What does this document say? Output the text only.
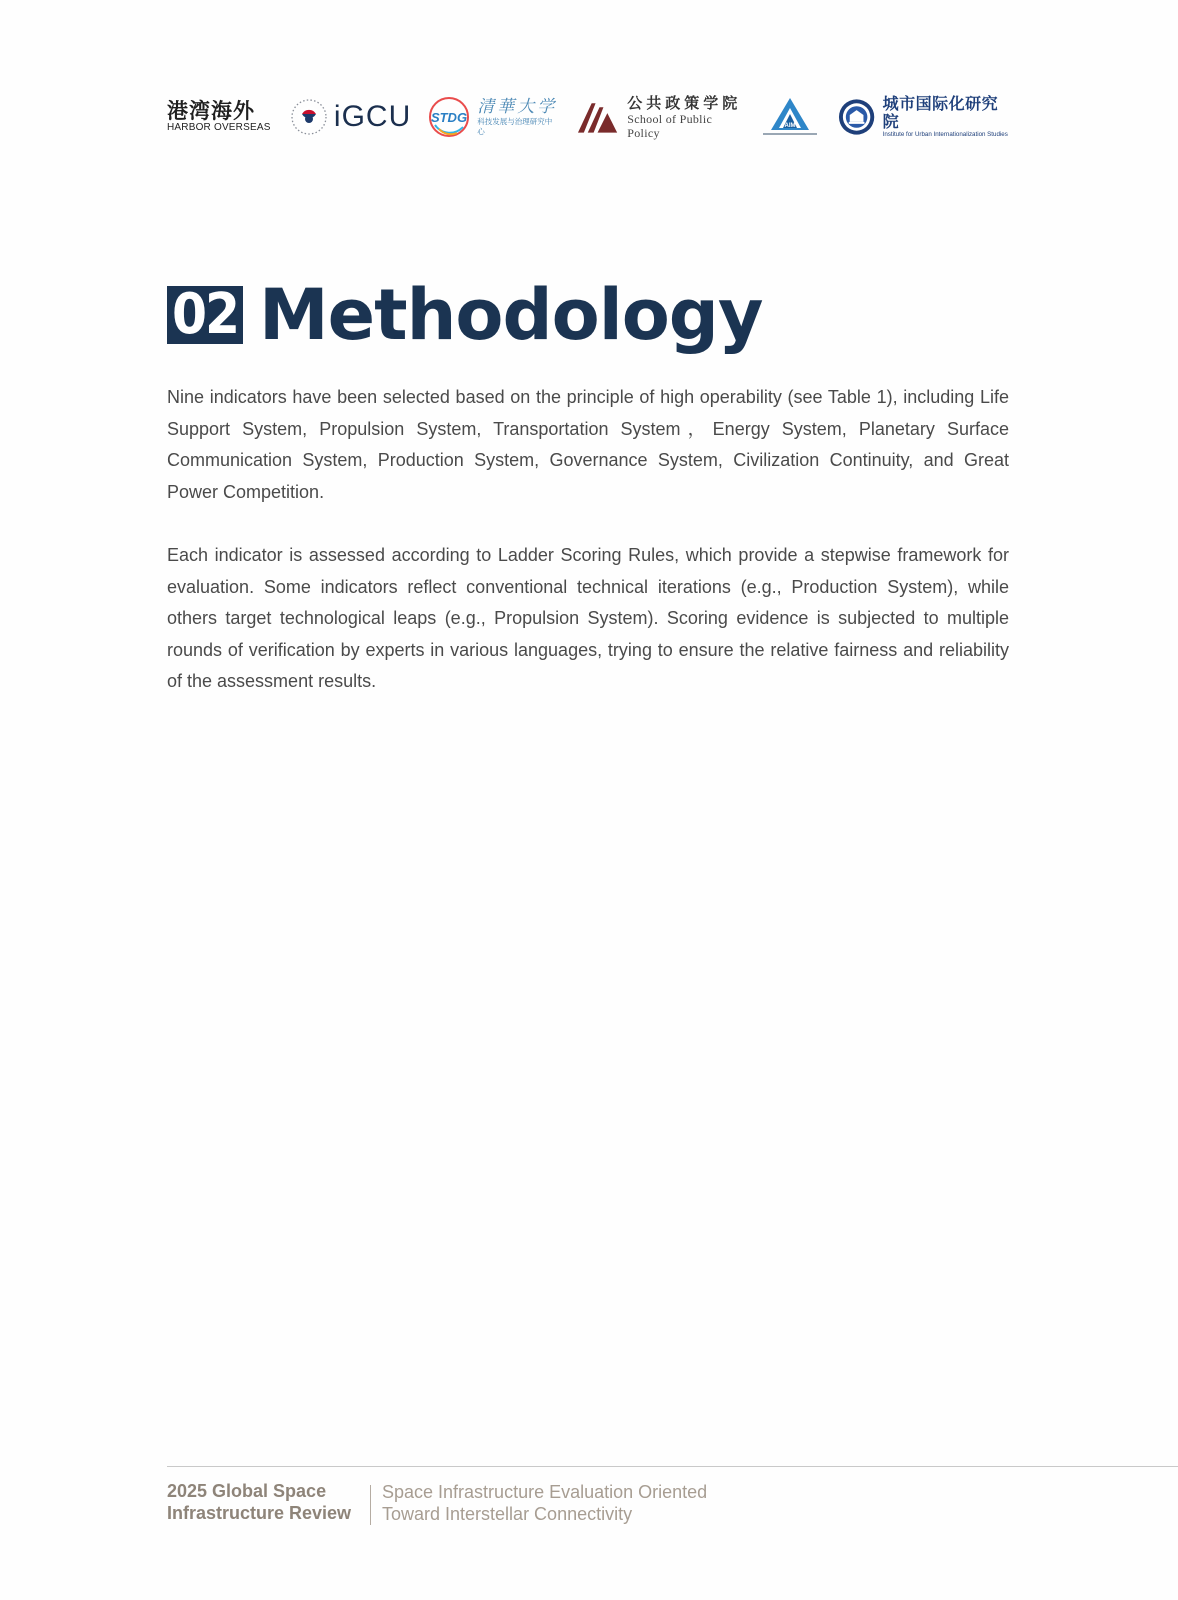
港湾海外
HARBOR OVERSEAS iGCU STDG
清華大学
科技发展与治理研究中心
公共政策学院
School of Public Policy	AIM
城市国际化研究院
Institute for Urban Internationalization Studies
02 Methodology

Nine indicators have been selected based on the principle of high operability (see Table 1), including Life Support System, Propulsion System, Transportation System，Energy System, Planetary Surface Communication System, Production System, Governance System, Civilization Continuity, and Great Power Competition.

Each indicator is assessed according to Ladder Scoring Rules, which provide a stepwise framework for evaluation. Some indicators reflect conventional technical iterations (e.g., Production System), while others target technological leaps (e.g., Propulsion System). Scoring evidence is subjected to multiple rounds of verification by experts in various languages, trying to ensure the relative fairness and reliability of the assessment results.

2025 Global Space
Infrastructure Review
Space Infrastructure Evaluation Oriented
Toward Interstellar Connectivity
